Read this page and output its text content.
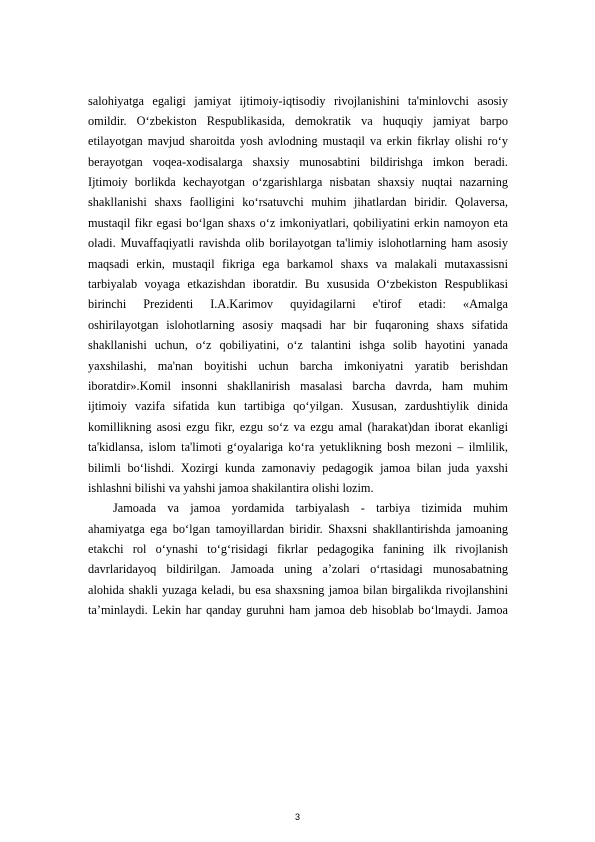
salohiyatga egaligi jamiyat ijtimoiy-iqtisodiy rivojlanishini ta'minlovchi asosiy
omildir. O‘zbekiston Respublikasida, demokratik va huquqiy jamiyat barpo
etilayotgan mavjud sharoitda yosh avlodning mustaqil va erkin fikrlay olishi ro‘y
berayotgan voqea-xodisalarga shaxsiy munosabtini bildirishga imkon beradi.
Ijtimoiy borlikda kechayotgan o‘zgarishlarga nisbatan shaxsiy nuqtai nazarning
shakllanishi shaxs faolligini ko‘rsatuvchi muhim jihatlardan biridir. Qolaversa,
mustaqil fikr egasi bo‘lgan shaxs o‘z imkoniyatlari, qobiliyatini erkin namoyon eta
oladi. Muvaffaqiyatli ravishda olib borilayotgan ta'limiy islohotlarning ham asosiy
maqsadi erkin, mustaqil fikriga ega barkamol shaxs va malakali mutaxassisni
tarbiyalab voyaga etkazishdan iboratdir. Bu xususida O‘zbekiston Respublikasi
birinchi Prezidenti I.A.Karimov quyidagilarni e'tirof etadi: «Amalga
oshirilayotgan islohotlarning asosiy maqsadi har bir fuqaroning shaxs sifatida
shakllanishi uchun, o‘z qobiliyatini, o‘z talantini ishga solib hayotini yanada
yaxshilashi, ma'nan boyitishi uchun barcha imkoniyatni yaratib berishdan
iboratdir».Komil insonni shakllanirish masalasi barcha davrda, ham muhim
ijtimoiy vazifa sifatida kun tartibiga qo‘yilgan. Xususan, zardushtiylik dinida
komillikning asosi ezgu fikr, ezgu so‘z va ezgu amal (harakat)dan iborat ekanligi
ta'kidlansa, islom ta'limoti g‘oyalariga ko‘ra yetuklikning bosh mezoni – ilmlilik,
bilimli bo‘lishdi. Xozirgi kunda zamonaviy pedagogik jamoa bilan juda yaxshi
ishlashni bilishi va yahshi jamoa shakilantira olishi lozim.
Jamoada va jamoa yordamida tarbiyalash - tarbiya tizimida muhim
ahamiyatga ega bo‘lgan tamoyillardan biridir. Shaxsni shakllantirishda jamoaning
etakchi rol o‘ynashi to‘g‘risidagi fikrlar pedagogika fanining ilk rivojlanish
davrlaridayoq bildirilgan. Jamoada uning a’zolari o‘rtasidagi munosabatning
alohida shakli yuzaga keladi, bu esa shaxsning jamoa bilan birgalikda rivojlanshini
ta’minlaydi. Lekin har qanday guruhni ham jamoa deb hisoblab bo‘lmaydi. Jamoa
3
